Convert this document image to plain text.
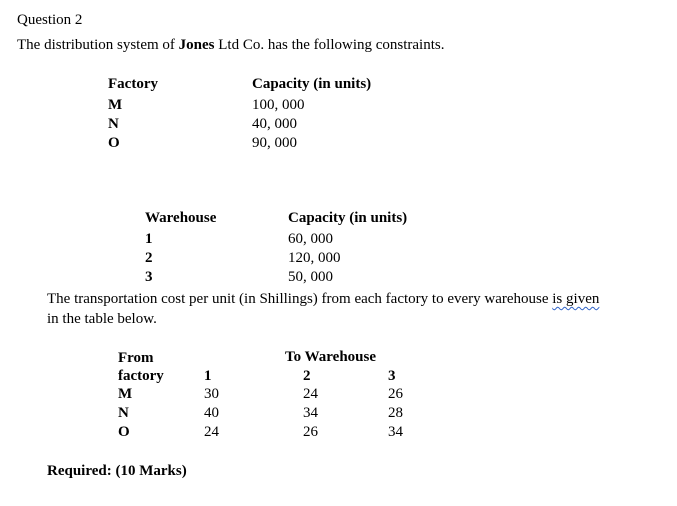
Question 2
The distribution system of Jones Ltd Co. has the following constraints.
Factory	Capacity (in units)
M	100, 000
N	40, 000
O	90, 000
Warehouse	Capacity (in units)
1	60, 000
2	120, 000
3	50, 000
The transportation cost per unit (in Shillings) from each factory to every warehouse is given
in the table below.
From	To Warehouse
factory	1	2	3
M	30	24	26
N	40	34	28
O	24	26	34
Required: (10 Marks)
